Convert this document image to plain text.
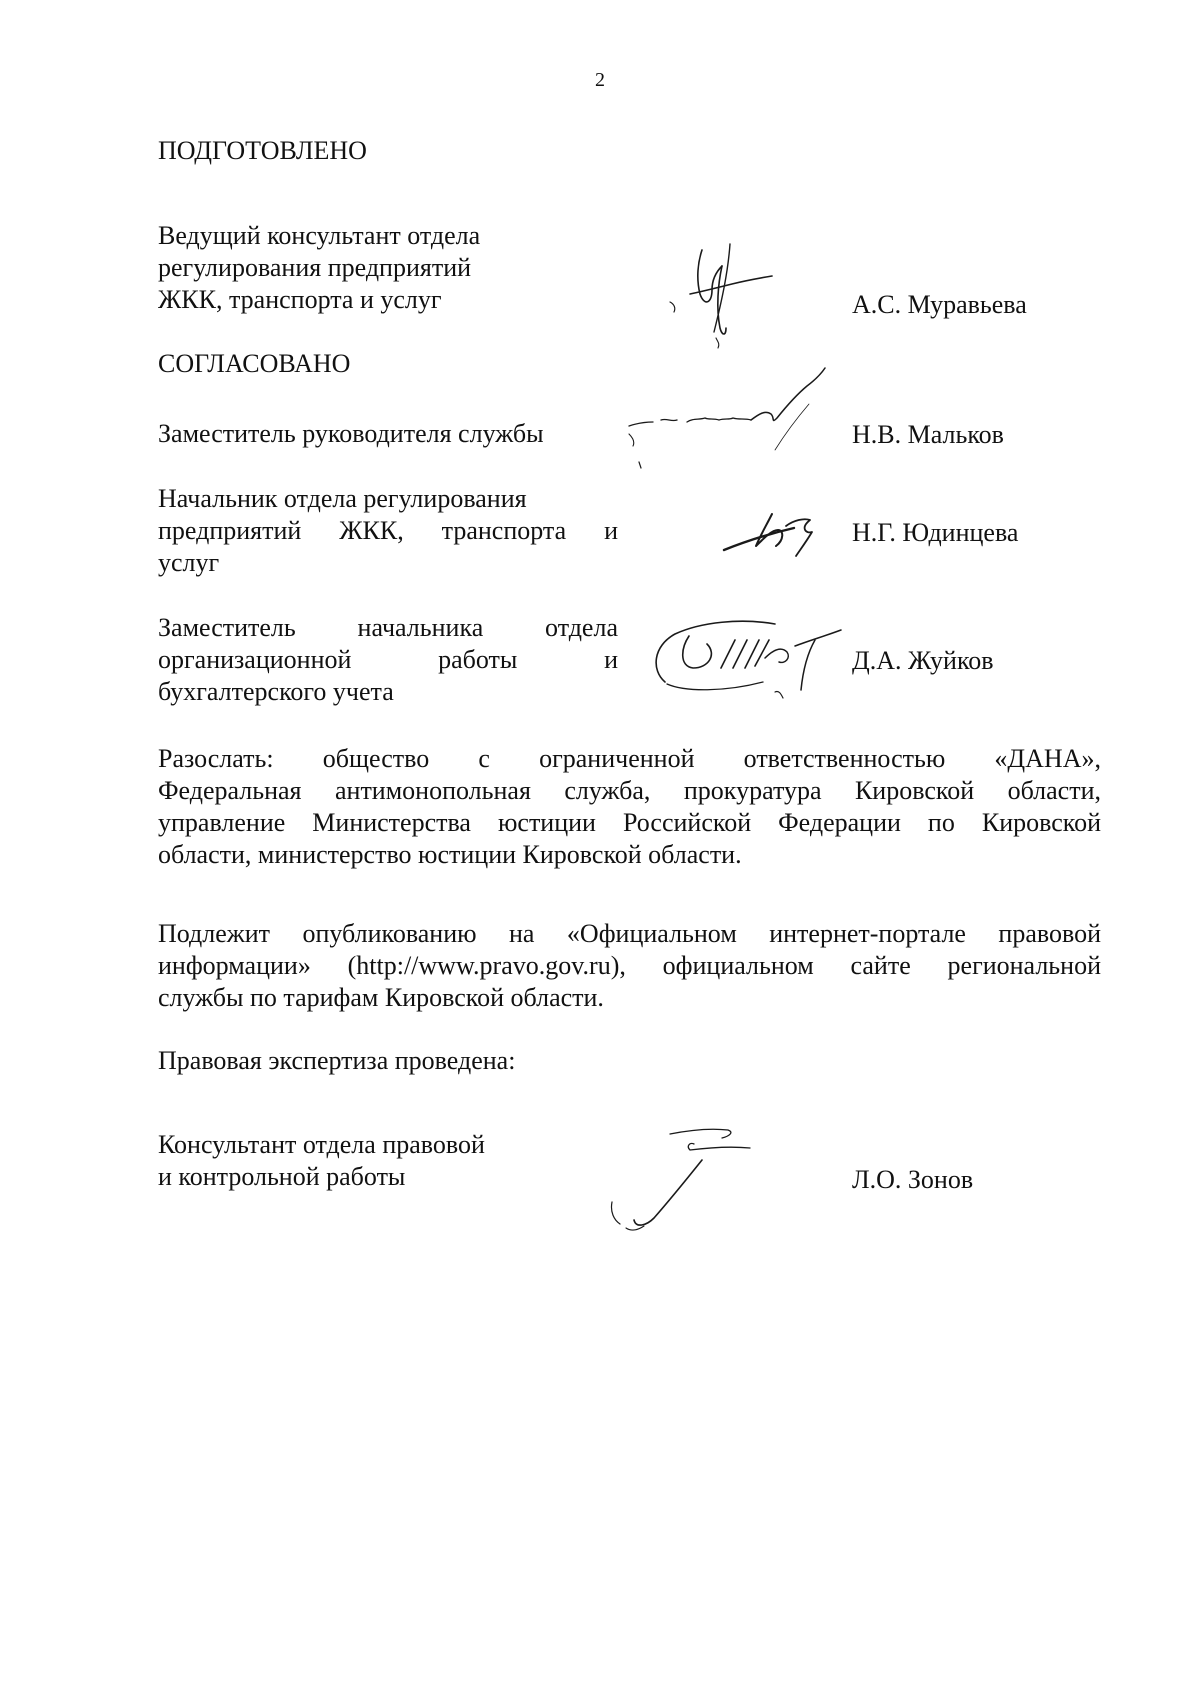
2
ПОДГОТОВЛЕНО
Ведущий консультант отдела
регулирования предприятий
ЖКК, транспорта и услуг	А.С. Муравьева
СОГЛАСОВАНО
Заместитель руководителя службы	Н.В. Мальков
Начальник отдела регулирования
предприятий ЖКК, транспорта и
услуг
Н.Г. Юдинцева
Заместитель начальника отдела
организационной работы и
бухгалтерского учета
Д.А. Жуйков
Разослать: общество с ограниченной ответственностью «ДАНА»,
Федеральная антимонопольная служба, прокуратура Кировской области,
управление Министерства юстиции Российской Федерации по Кировской
области, министерство юстиции Кировской области.
Подлежит опубликованию на «Официальном интернет-портале правовой
информации» (http://www.pravo.gov.ru), официальном сайте региональной
службы по тарифам Кировской области.
Правовая экспертиза проведена:
Консультант отдела правовой
и контрольной работы	Л.О. Зонов
